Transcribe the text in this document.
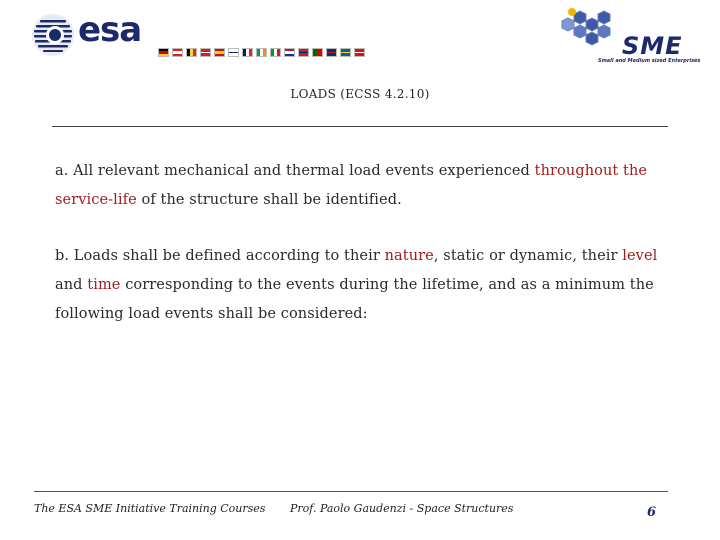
esa	SME
Small and Medium sized Enterprises
LOADS (ECSS 4.2.10)

a. All relevant mechanical and thermal load events experienced throughout the service-life of the structure shall be identified.

b. Loads shall be defined according to their nature, static or dynamic, their level and time corresponding to the events during the lifetime, and as a minimum the following load events shall be considered:

The ESA SME Initiative Training Courses Prof. Paolo Gaudenzi - Space Structures	6
